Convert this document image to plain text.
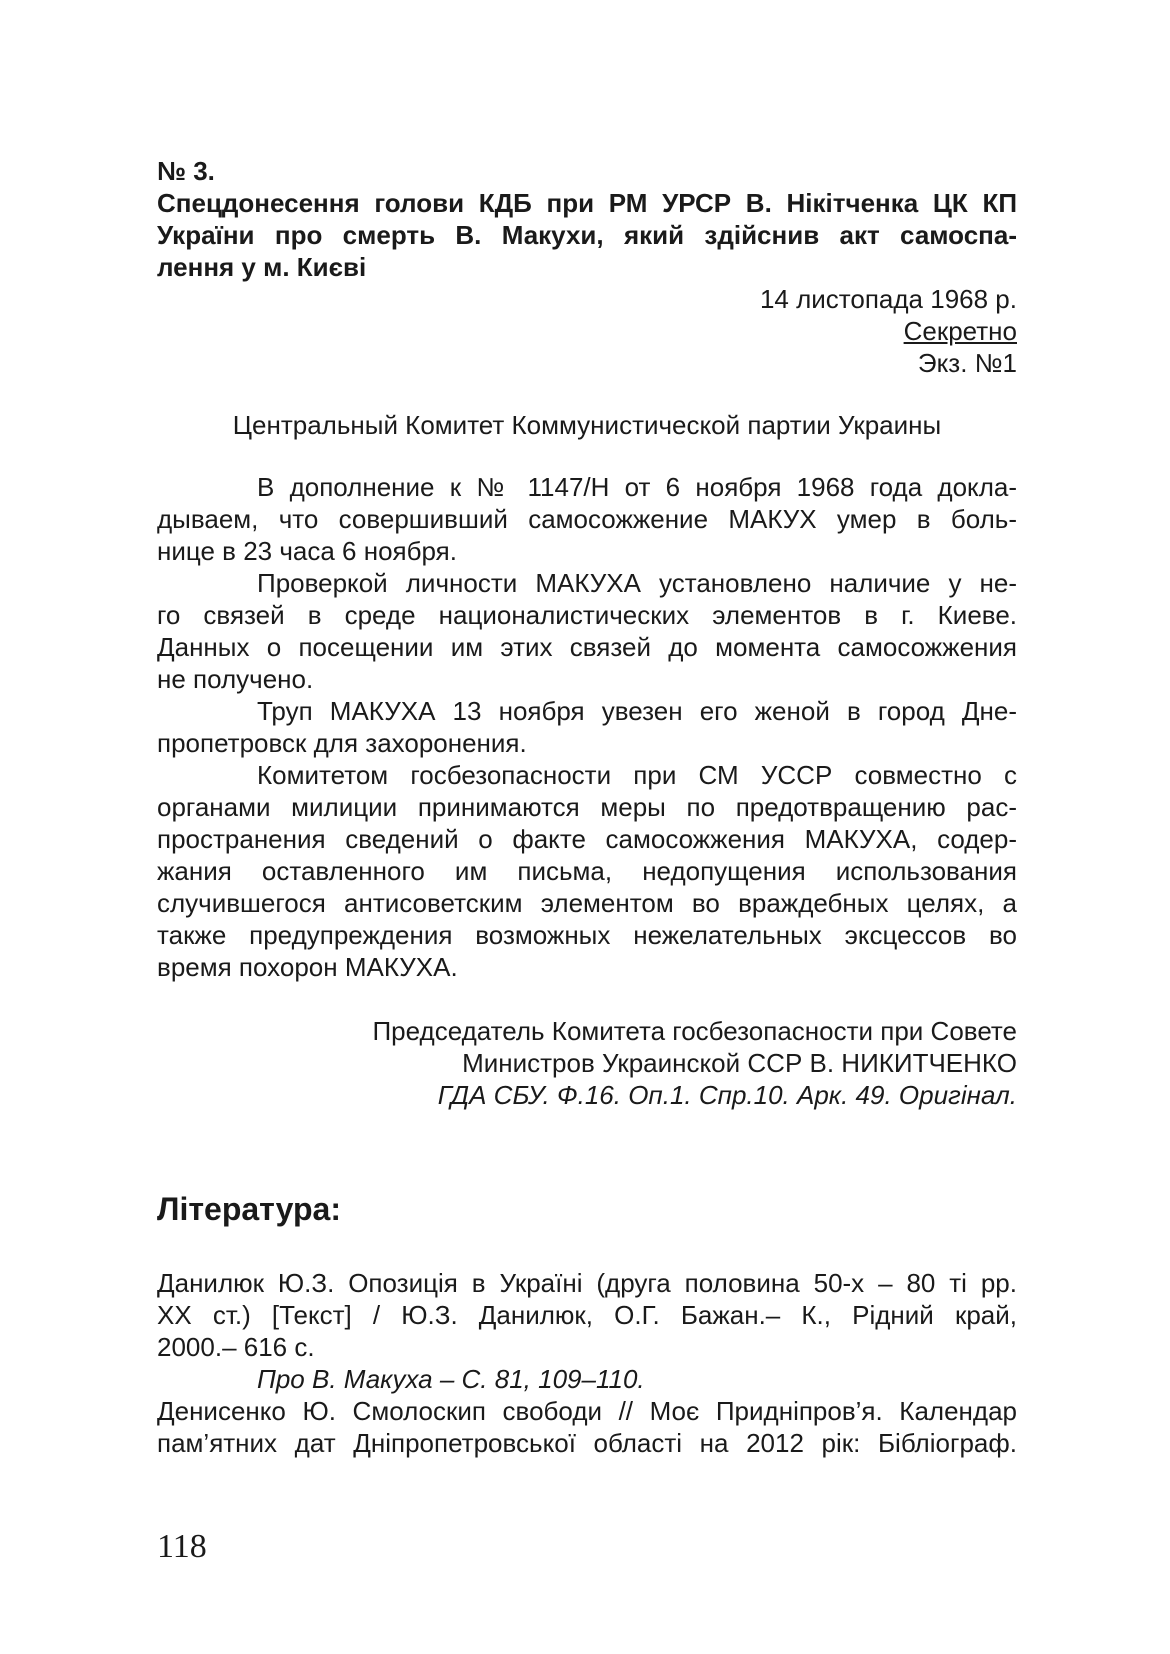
№ 3.
Спецдонесення голови КДБ при РМ УРСР В. Нікітченка ЦК КП
України про смерть В. Макухи, який здійснив акт самоспа-
лення у м. Києві
14 листопада 1968 р.
Секретно
Экз. №1
Центральный Комитет Коммунистической партии Украины
В дополнение к № 1147/Н от 6 ноября 1968 года докла-
дываем, что совершивший самосожжение МАКУХ умер в боль-
нице в 23 часа 6 ноября.
Проверкой личности МАКУХА установлено наличие у не-
го связей в среде националистических элементов в г. Киеве.
Данных о посещении им этих связей до момента самосожжения
не получено.
Труп МАКУХА 13 ноября увезен его женой в город Дне-
пропетровск для захоронения.
Комитетом госбезопасности при СМ УССР совместно с
органами милиции принимаются меры по предотвращению рас-
пространения сведений о факте самосожжения МАКУХА, содер-
жания оставленного им письма, недопущения использования
случившегося антисоветским элементом во враждебных целях, а
также предупреждения возможных нежелательных эксцессов во
время похорон МАКУХА.
Председатель Комитета госбезопасности при Совете
Министров Украинской ССР В. НИКИТЧЕНКО
ГДА СБУ. Ф.16. Оп.1. Спр.10. Арк. 49. Оригінал.
Література:
Данилюк Ю.З. Опозиція в Україні (друга половина 50-х – 80 ті рр.
XX ст.) [Текст] / Ю.З. Данилюк, О.Г. Бажан.– К., Рідний край,
2000.– 616 с.
Про В. Макуха – С. 81, 109–110.
Денисенко Ю. Смолоскип свободи // Моє Придніпров’я. Календар
пам’ятних дат Дніпропетровської області на 2012 рік: Бібліограф.
118
